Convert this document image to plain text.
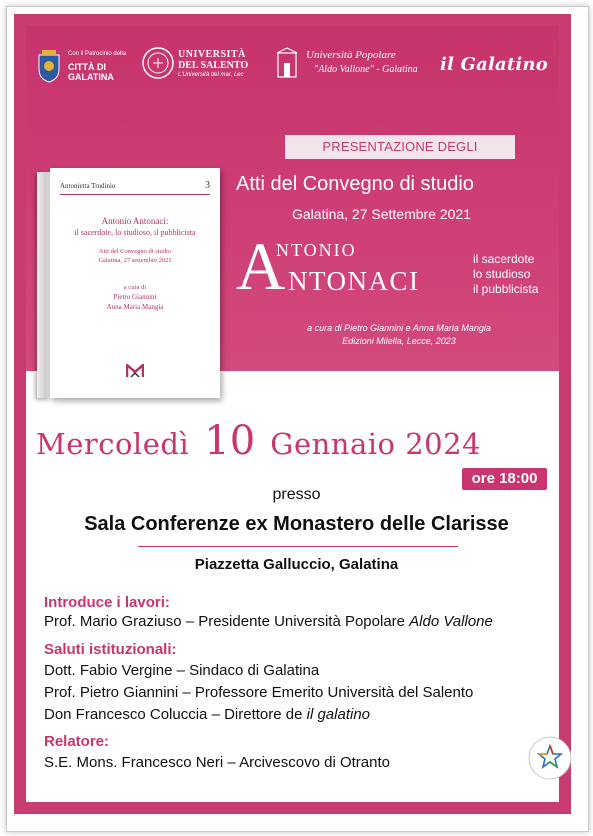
Con il Patrocinio della
CITTÀ DI
GALATINA
UNIVERSITÀ
DEL SALENTO
L'Università del mar. Lec
Università Popolare
"Aldo Vallone" - Galatina il Galatino
Antonietta Trudinio	3
Antonio Antonaci:
il sacerdote, lo studioso, il pubblicista
Atti del Convegno di studio
Galatina, 27 settembre 2021
a cura di
Pietro Giannini
Anna Maria Mangia
PRESENTAZIONE DEGLI
Atti del Convegno di studio
Galatina, 27 Settembre 2021
A
NTONIO
NTONACI
il sacerdote
lo studioso
il pubblicista
a cura di Pietro Giannini e Anna Maria Mangia
Edizioni Milella, Lecce, 2023
Mercoledì 10 Gennaio 2024
ore 18:00
presso
Sala Conferenze ex Monastero delle Clarisse
Piazzetta Galluccio, Galatina
Introduce i lavori:
Prof. Mario Graziuso – Presidente Università Popolare Aldo Vallone
Saluti istituzionali:
Dott. Fabio Vergine – Sindaco di Galatina
Prof. Pietro Giannini – Professore Emerito Università del Salento
Don Francesco Coluccia – Direttore de il galatino
Relatore:
S.E. Mons. Francesco Neri – Arcivescovo di Otranto
